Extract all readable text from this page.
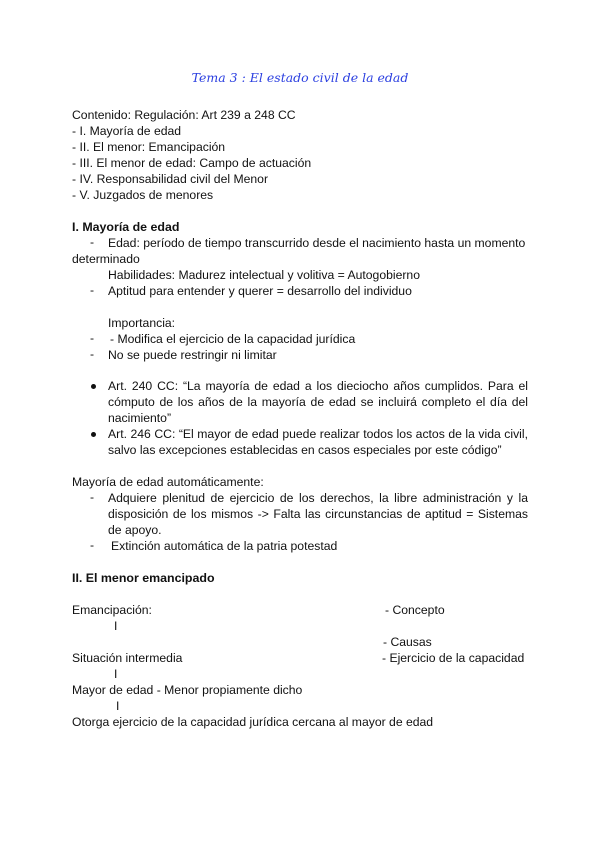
Tema 3 : El estado civil de la edad
Contenido: Regulación: Art 239 a 248 CC
- I. Mayoría de edad
- II. El menor: Emancipación
- III. El menor de edad: Campo de actuación
- IV. Responsabilidad civil del Menor
- V. Juzgados de menores
I. Mayoría de edad
- Edad: período de tiempo transcurrido desde el nacimiento hasta un momento
determinado
Habilidades: Madurez intelectual y volitiva = Autogobierno
- Aptitud para entender y querer = desarrollo del individuo
Importancia:
- - Modifica el ejercicio de la capacidad jurídica
- No se puede restringir ni limitar
Art. 240 CC: “La mayoría de edad a los dieciocho años cumplidos. Para el cómputo de los años de la mayoría de edad se incluirá completo el día del nacimiento”
Art. 246 CC: “El mayor de edad puede realizar todos los actos de la vida civil, salvo las excepciones establecidas en casos especiales por este código”
Mayoría de edad automáticamente:
- Adquiere plenitud de ejercicio de los derechos, la libre administración y la disposición de los mismos -> Falta las circunstancias de aptitud = Sistemas de apoyo.
- Extinción automática de la patria potestad
II. El menor emancipado
Emancipación:	- Concepto
I
- Causas
Situación intermedia	- Ejercicio de la capacidad
I
Mayor de edad - Menor propiamente dicho
I
Otorga ejercicio de la capacidad jurídica cercana al mayor de edad
